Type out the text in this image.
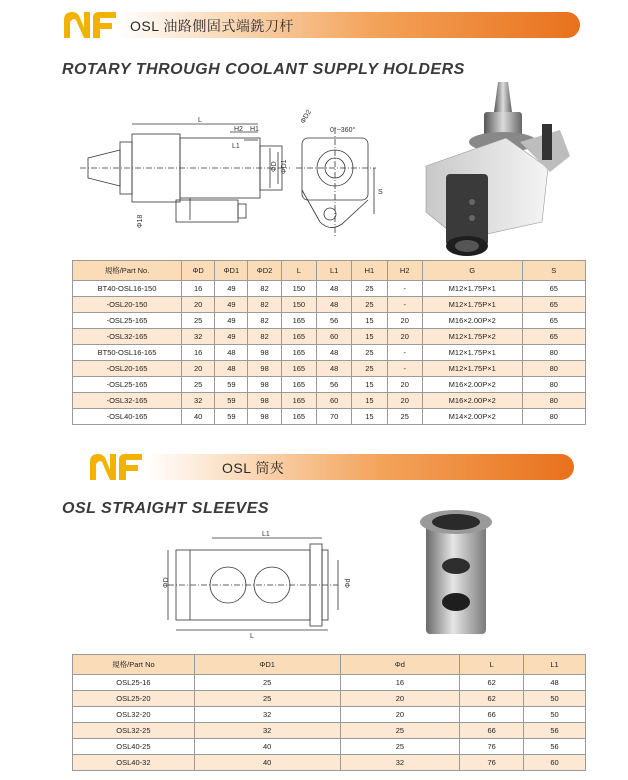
OSL 油路側固式端銑刀杆
ROTARY THROUGH COOLANT SUPPLY HOLDERS
L
H2 H1
L1
ΦD ΦD1
ΦD2
0°~360°
S
Φ18
規格/Part No.	ΦD	ΦD1	ΦD2	L	L1	H1	H2	G	S
BT40-OSL16-150	16	49	82	150	48	25	-	M12×1.75P×1	65
-OSL20-150	20	49	82	150	48	25	-	M12×1.75P×1	65
-OSL25-165	25	49	82	165	56	15	20	M16×2.00P×2	65
-OSL32-165	32	49	82	165	60	15	20	M12×1.75P×2	65
BT50-OSL16-165	16	48	98	165	48	25	-	M12×1.75P×1	80
-OSL20-165	20	48	98	165	48	25	-	M12×1.75P×1	80
-OSL25-165	25	59	98	165	56	15	20	M16×2.00P×2	80
-OSL32-165	32	59	98	165	60	15	20	M16×2.00P×2	80
-OSL40-165	40	59	98	165	70	15	25	M14×2.00P×2	80
OSL 筒夾
OSL STRAIGHT SLEEVES
L1
L
ΦD	Φd
規格/Part No	ΦD1	Φd	L	L1
OSL25-16	25	16	62	48
OSL25-20	25	20	62	50
OSL32-20	32	20	66	50
OSL32-25	32	25	66	56
OSL40-25	40	25	76	56
OSL40-32	40	32	76	60
